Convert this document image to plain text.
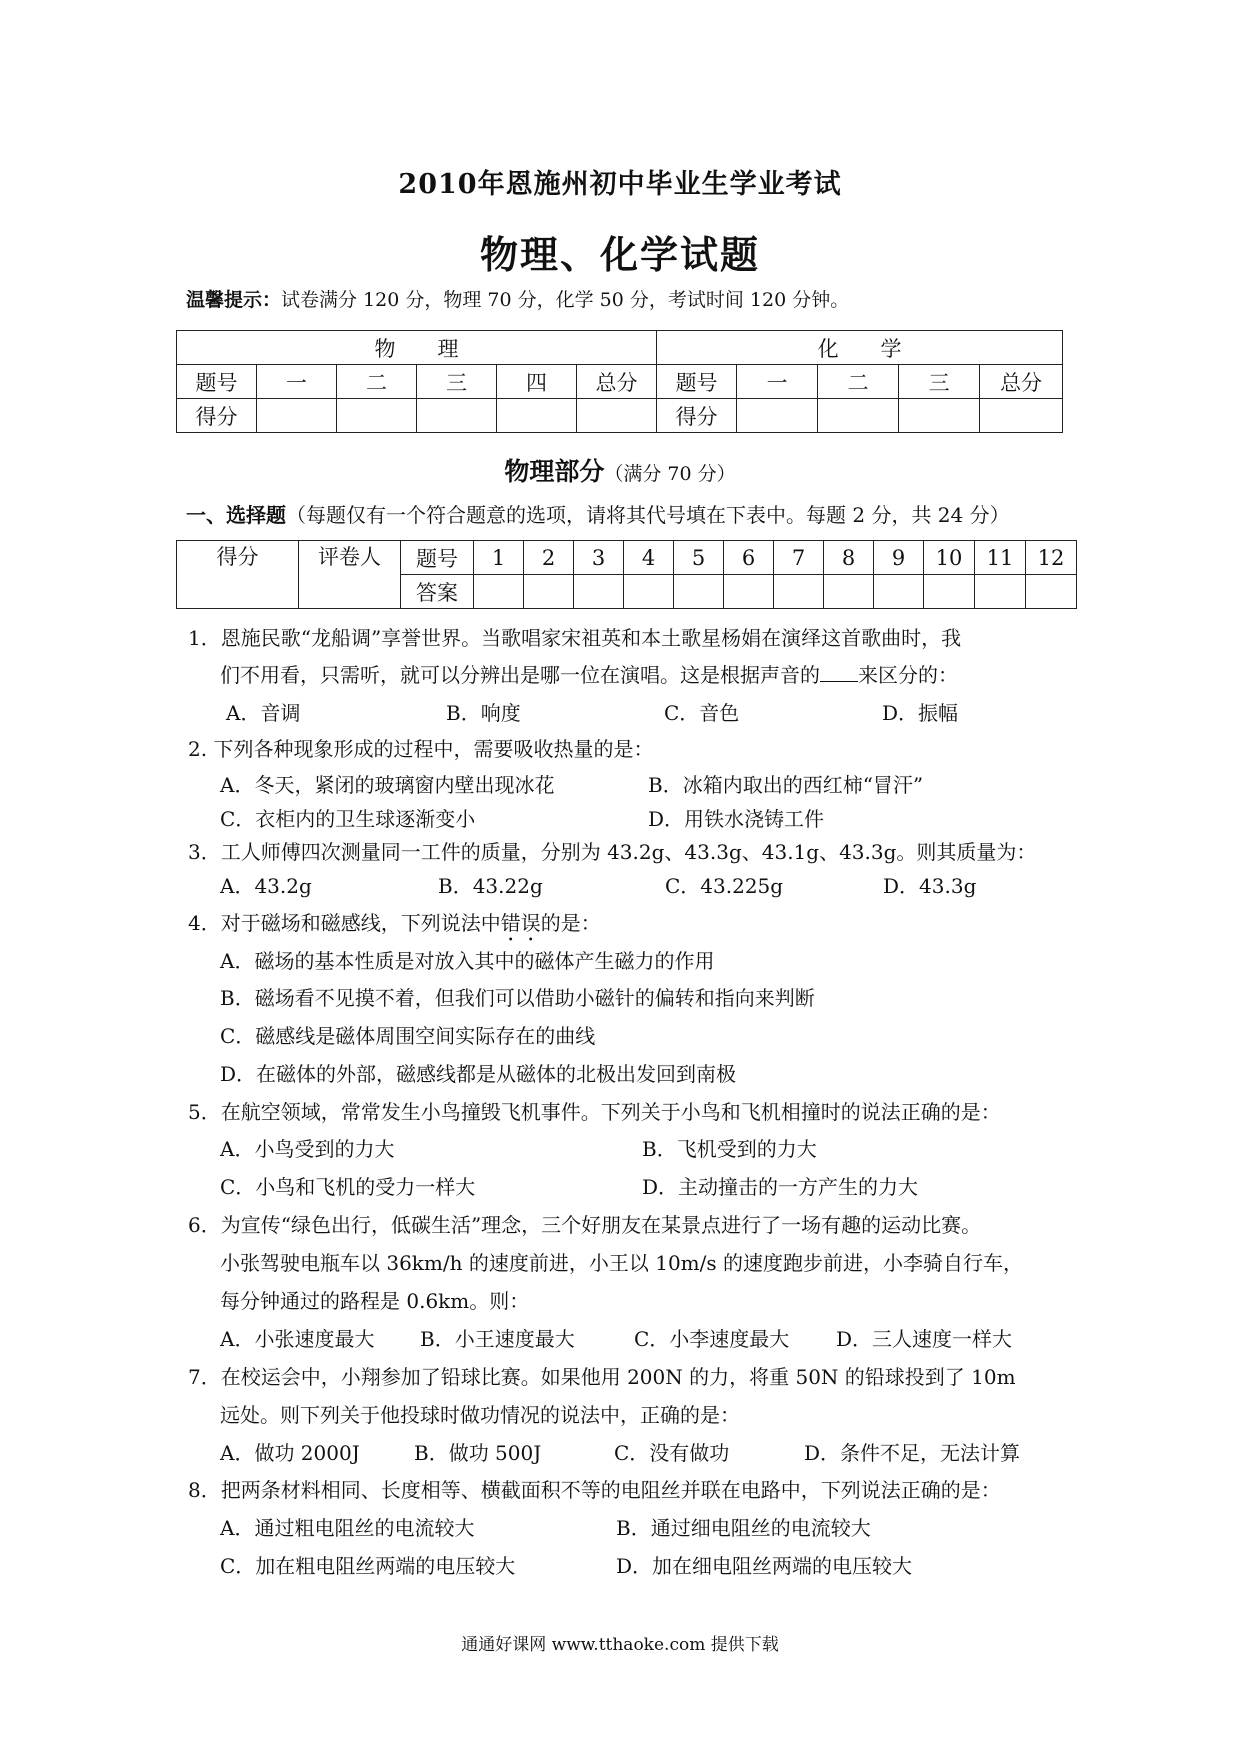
2010年恩施州初中毕业生学业考试
物理、化学试题
温馨提示：试卷满分 120 分，物理 70 分，化学 50 分，考试时间 120 分钟。
物　　理						化　　学				
题号	一	二	三	四	总分	题号	一	二	三	总分
得分						得分				
物理部分（满分 70 分）
一、选择题（每题仅有一个符合题意的选项，请将其代号填在下表中。每题 2 分，共 24 分）
得分	评卷人	题号	1	2	3	4	5	6	7	8	9	10	11	12
		答案												
1．恩施民歌“龙船调”享誉世界。当歌唱家宋祖英和本土歌星杨娟在演绎这首歌曲时，我
们不用看，只需听，就可以分辨出是哪一位在演唱。这是根据声音的 来区分的：
A．音调	B．响度	C．音色	D．振幅
2. 下列各种现象形成的过程中，需要吸收热量的是：
A．冬天，紧闭的玻璃窗内壁出现冰花	B．冰箱内取出的西红柿“冒汗”
C．衣柜内的卫生球逐渐变小	D．用铁水浇铸工件
3．工人师傅四次测量同一工件的质量，分别为 43.2g、43.3g、43.1g、43.3g。则其质量为：
A．43.2g	B．43.22g	C．43.225g	D．43.3g
4．对于磁场和磁感线，下列说法中错误的是：
A．磁场的基本性质是对放入其中的磁体产生磁力的作用
B．磁场看不见摸不着，但我们可以借助小磁针的偏转和指向来判断
C．磁感线是磁体周围空间实际存在的曲线
D．在磁体的外部，磁感线都是从磁体的北极出发回到南极
5．在航空领域，常常发生小鸟撞毁飞机事件。下列关于小鸟和飞机相撞时的说法正确的是：
A．小鸟受到的力大	B．飞机受到的力大
C．小鸟和飞机的受力一样大	D．主动撞击的一方产生的力大
6．为宣传“绿色出行，低碳生活”理念，三个好朋友在某景点进行了一场有趣的运动比赛。
小张驾驶电瓶车以 36km/h 的速度前进，小王以 10m/s 的速度跑步前进，小李骑自行车，
每分钟通过的路程是 0.6km。则：
A．小张速度最大 B．小王速度最大	C．小李速度最大 D．三人速度一样大
7．在校运会中，小翔参加了铅球比赛。如果他用 200N 的力，将重 50N 的铅球投到了 10m
远处。则下列关于他投球时做功情况的说法中，正确的是：
A．做功 2000J	B．做功 500J	C．没有做功	D．条件不足，无法计算
8．把两条材料相同、长度相等、横截面积不等的电阻丝并联在电路中，下列说法正确的是：
A．通过粗电阻丝的电流较大	B．通过细电阻丝的电流较大
C．加在粗电阻丝两端的电压较大	D．加在细电阻丝两端的电压较大
通通好课网 www.tthaoke.com 提供下载
